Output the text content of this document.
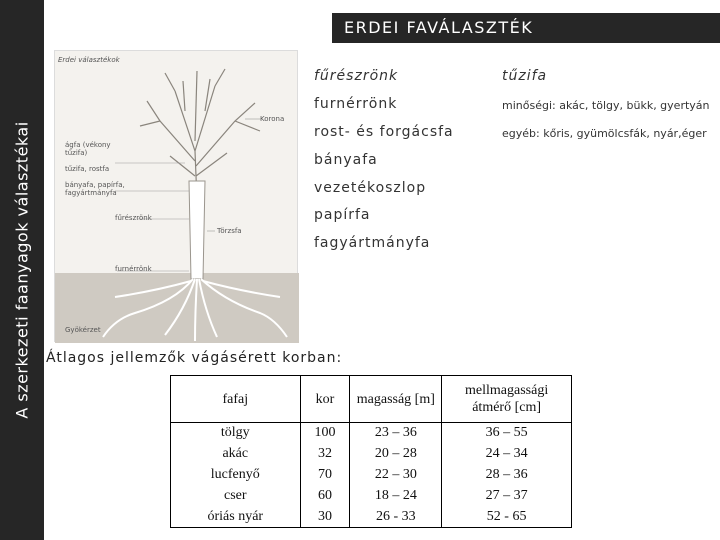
A szerkezeti faanyagok választékai
ERDEI FAVÁLASZTÉK
Erdei választékok
Korona
ágfa (vékony tűzifa)
tűzifa, rostfa
bányafa, papírfa, fagyártmányfa
fűrészrönk
Törzsfa
furnérrönk
Gyökérzet
fűrészrönk
furnérrönk
rost- és forgácsfa
bányafa
vezetékoszlop
papírfa
fagyártmányfa
tűzifa
minőségi: akác, tölgy, bükk, gyertyán
egyéb: kőris, gyümölcsfák, nyár,éger
Átlagos jellemzők vágásérett korban:
fafaj	kor	magasság [m]	mellmagassági átmérő [cm]
tölgy	100	23 – 36	36 – 55
akác	32	20 – 28	24 – 34
lucfenyő	70	22 – 30	28 – 36
cser	60	18 – 24	27 – 37
óriás nyár	30	26 - 33	52 - 65
